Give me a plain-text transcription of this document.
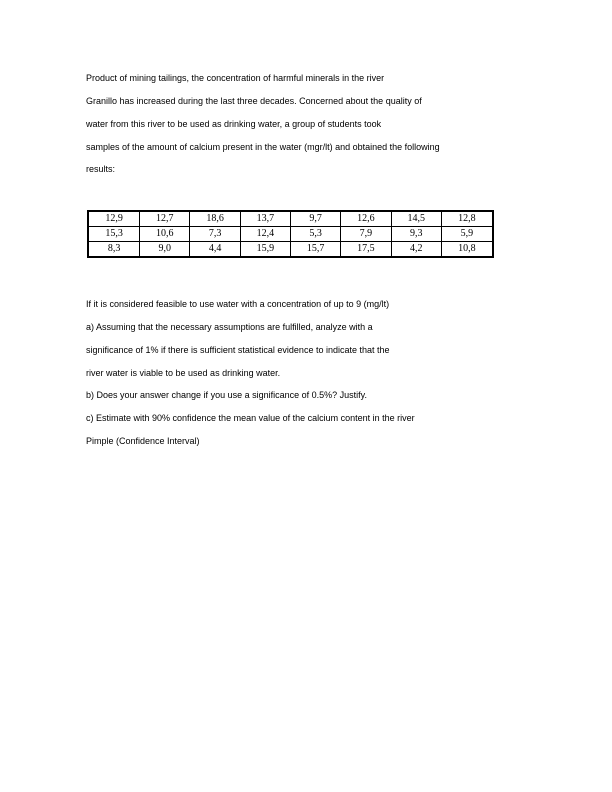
Product of mining tailings, the concentration of harmful minerals in the river
Granillo has increased during the last three decades. Concerned about the quality of
water from this river to be used as drinking water, a group of students took
samples of the amount of calcium present in the water (mgr/lt) and obtained the following
results:
12,9	12,7	18,6	13,7	9,7	12,6	14,5	12,8
15,3	10,6	7,3	12,4	5,3	7,9	9,3	5,9
8,3	9,0	4,4	15,9	15,7	17,5	4,2	10,8
If it is considered feasible to use water with a concentration of up to 9 (mg/lt)
a) Assuming that the necessary assumptions are fulfilled, analyze with a
significance of 1% if there is sufficient statistical evidence to indicate that the
river water is viable to be used as drinking water.
b) Does your answer change if you use a significance of 0.5%? Justify.
c) Estimate with 90% confidence the mean value of the calcium content in the river
Pimple (Confidence Interval)
